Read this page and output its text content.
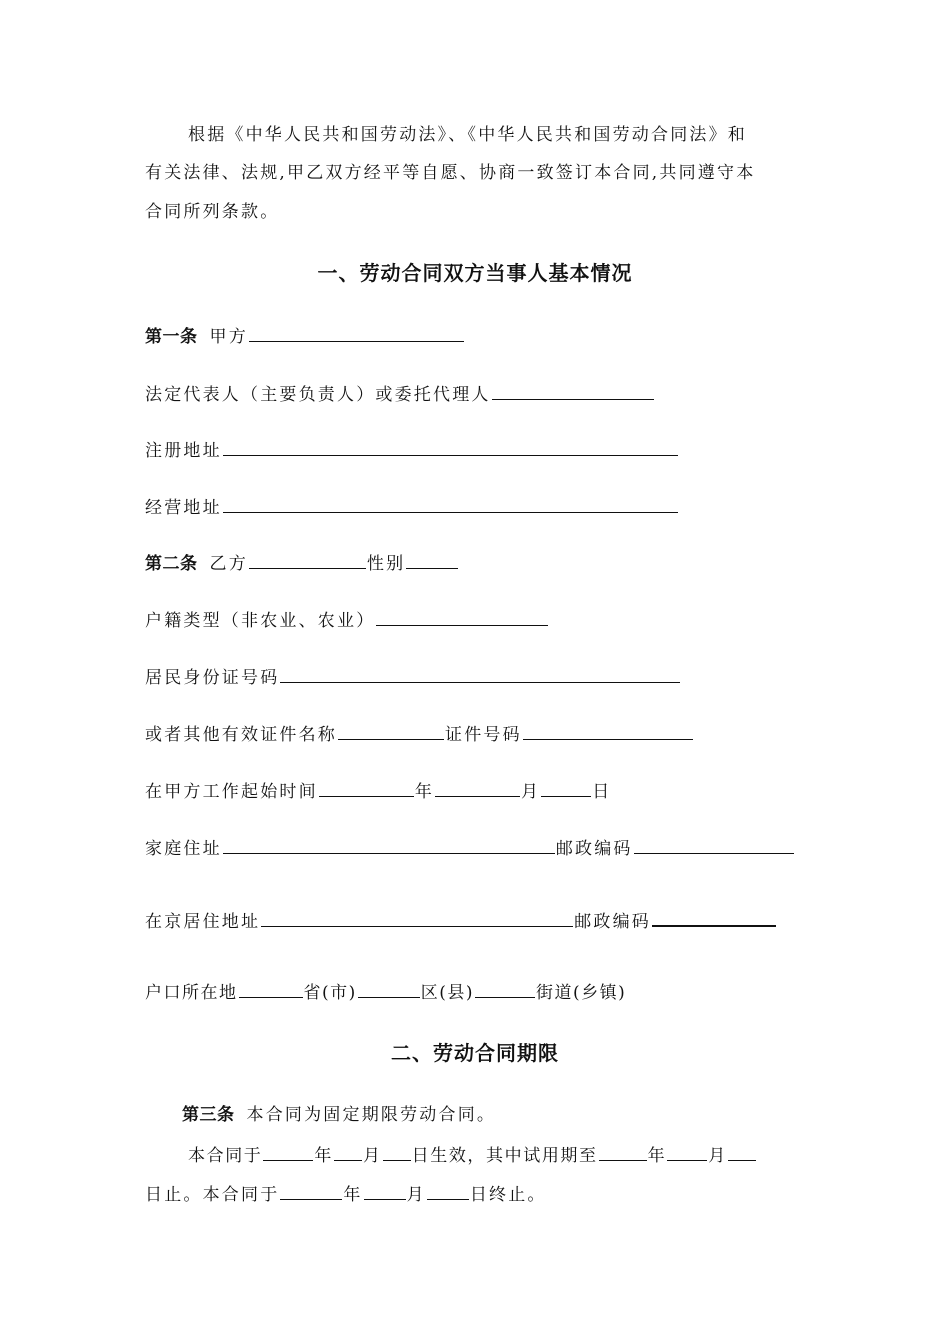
根据《中华人民共和国劳动法》、《中华人民共和国劳动合同法》和
有关法律、法规,甲乙双方经平等自愿、协商一致签订本合同,共同遵守本
合同所列条款。
一、劳动合同双方当事人基本情况
第一条 甲方
法定代表人（主要负责人）或委托代理人
注册地址
经营地址
第二条 乙方	性别
户籍类型（非农业、农业）
居民身份证号码
或者其他有效证件名称	证件号码
在甲方工作起始时间	年	月	日
家庭住址	邮政编码
在京居住地址	邮政编码
户口所在地	省(市)	区(县)	街道(乡镇)
二、劳动合同期限
第三条 本合同为固定期限劳动合同。
本合同于	年 月 日生效，其中试用期至	年 月
日止。本合同于	年	月	日终止。
